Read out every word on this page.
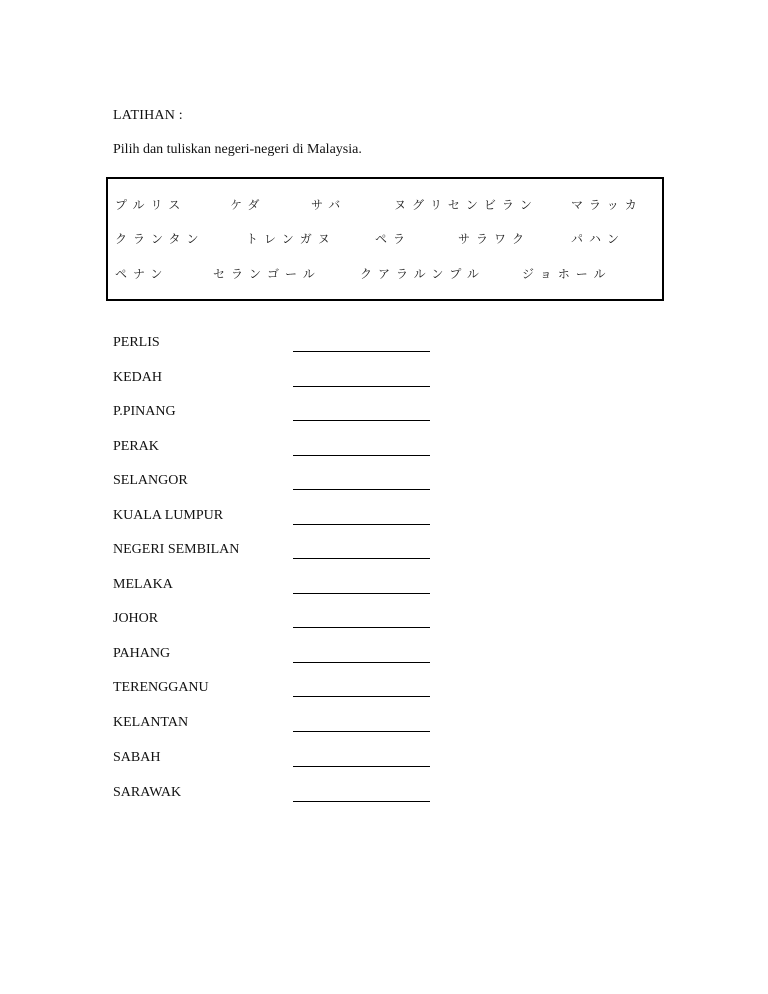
LATIHAN :
Pilih dan tuliskan negeri-negeri di Malaysia.
プルリス	ケダ	サバ	ヌグリセンビラン	マラッカ
クランタン	トレンガヌ	ペラ	サラワク	パハン
ペナン	セランゴール	クアラルンプル	ジョホール
PERLIS
KEDAH
P.PINANG
PERAK
SELANGOR
KUALA LUMPUR
NEGERI SEMBILAN
MELAKA
JOHOR
PAHANG
TERENGGANU
KELANTAN
SABAH
SARAWAK
